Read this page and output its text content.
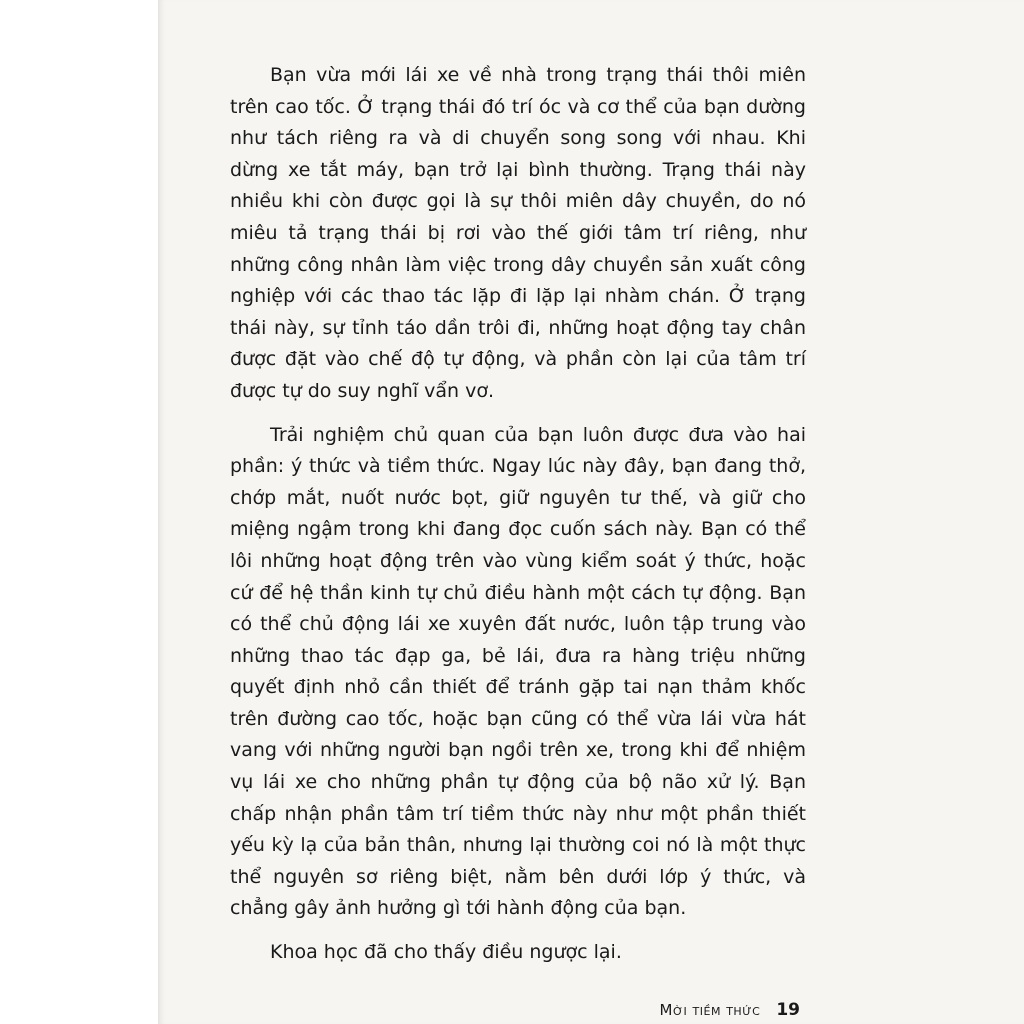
Bạn vừa mới lái xe về nhà trong trạng thái thôi miên trên cao tốc. Ở trạng thái đó trí óc và cơ thể của bạn dường như tách riêng ra và di chuyển song song với nhau. Khi dừng xe tắt máy, bạn trở lại bình thường. Trạng thái này nhiều khi còn được gọi là sự thôi miên dây chuyền, do nó miêu tả trạng thái bị rơi vào thế giới tâm trí riêng, như những công nhân làm việc trong dây chuyền sản xuất công nghiệp với các thao tác lặp đi lặp lại nhàm chán. Ở trạng thái này, sự tỉnh táo dần trôi đi, những hoạt động tay chân được đặt vào chế độ tự động, và phần còn lại của tâm trí được tự do suy nghĩ vẩn vơ.

Trải nghiệm chủ quan của bạn luôn được đưa vào hai phần: ý thức và tiềm thức. Ngay lúc này đây, bạn đang thở, chớp mắt, nuốt nước bọt, giữ nguyên tư thế, và giữ cho miệng ngậm trong khi đang đọc cuốn sách này. Bạn có thể lôi những hoạt động trên vào vùng kiểm soát ý thức, hoặc cứ để hệ thần kinh tự chủ điều hành một cách tự động. Bạn có thể chủ động lái xe xuyên đất nước, luôn tập trung vào những thao tác đạp ga, bẻ lái, đưa ra hàng triệu những quyết định nhỏ cần thiết để tránh gặp tai nạn thảm khốc trên đường cao tốc, hoặc bạn cũng có thể vừa lái vừa hát vang với những người bạn ngồi trên xe, trong khi để nhiệm vụ lái xe cho những phần tự động của bộ não xử lý. Bạn chấp nhận phần tâm trí tiềm thức này như một phần thiết yếu kỳ lạ của bản thân, nhưng lại thường coi nó là một thực thể nguyên sơ riêng biệt, nằm bên dưới lớp ý thức, và chẳng gây ảnh hưởng gì tới hành động của bạn.

Khoa học đã cho thấy điều ngược lại.

Mời tiềm thức 19
